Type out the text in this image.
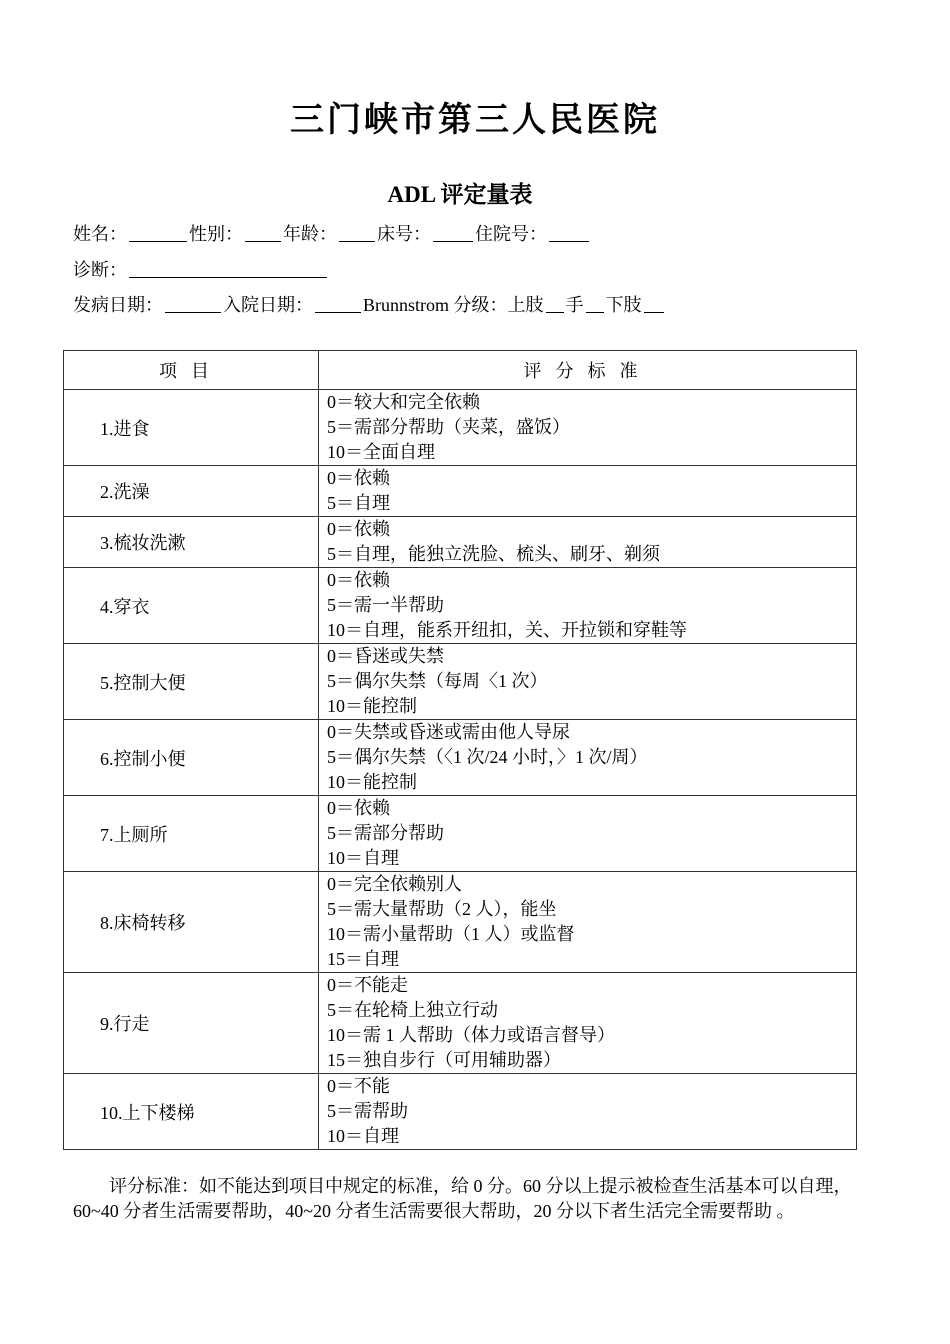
三门峡市第三人民医院
ADL 评定量表
姓名：	性别： 年龄： 床号： 住院号：
诊断：
发病日期：	入院日期：	Brunnstrom 分级：上肢 手 下肢
项目	评分标准
1.进食	0＝较大和完全依赖
5＝需部分帮助（夹菜，盛饭）
10＝全面自理

2.洗澡	0＝依赖
5＝自理

3.梳妆洗漱	0＝依赖
5＝自理，能独立洗脸、梳头、刷牙、剃须

4.穿衣	0＝依赖
5＝需一半帮助
10＝自理，能系开纽扣，关、开拉锁和穿鞋等

5.控制大便	0＝昏迷或失禁
5＝偶尔失禁（每周〈1 次）
10＝能控制

6.控制小便	0＝失禁或昏迷或需由他人导尿
5＝偶尔失禁（〈1 次/24 小时，〉1 次/周）
10＝能控制

7.上厕所	0＝依赖
5＝需部分帮助
10＝自理

8.床椅转移	0＝完全依赖别人
5＝需大量帮助（2 人），能坐
10＝需小量帮助（1 人）或监督
15＝自理

9.行走	0＝不能走
5＝在轮椅上独立行动
10＝需 1 人帮助（体力或语言督导）
15＝独自步行（可用辅助器）

10.上下楼梯	0＝不能
5＝需帮助
10＝自理
评分标准：如不能达到项目中规定的标准，给 0 分。60 分以上提示被检查生活基本可以自理，60~40 分者生活需要帮助，40~20 分者生活需要很大帮助，20 分以下者生活完全需要帮助 。
